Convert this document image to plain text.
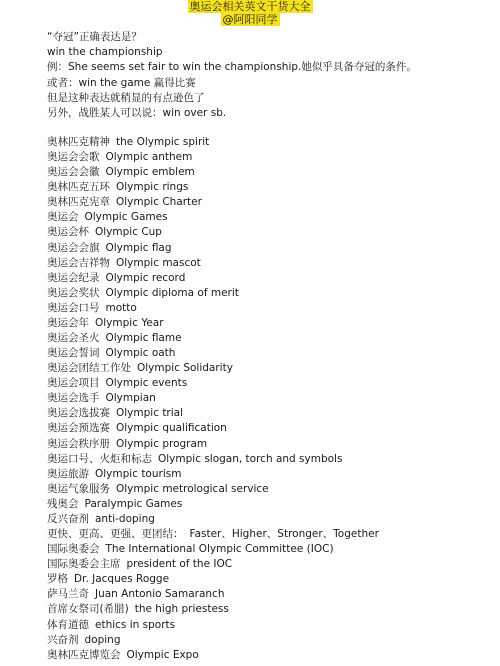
奥运会相关英文干货大全
@阿阳同学
“夺冠”正确表达是？
win the championship
例：She seems set fair to win the championship.她似乎具备夺冠的条件。
或者：win the game 赢得比赛
但是这种表达就稍显的有点逊色了
另外，战胜某人可以说：win over sb.
奥林匹克精神 the Olympic spirit
奥运会会歌 Olympic anthem
奥运会会徽 Olympic emblem
奥林匹克五环 Olympic rings
奥林匹克宪章 Olympic Charter
奥运会 Olympic Games
奥运会杯 Olympic Cup
奥运会会旗 Olympic flag
奥运会吉祥物 Olympic mascot
奥运会纪录 Olympic record
奥运会奖状 Olympic diploma of merit
奥运会口号 motto
奥运会年 Olympic Year
奥运会圣火 Olympic flame
奥运会誓词 Olympic oath
奥运会团结工作处 Olympic Solidarity
奥运会项目 Olympic events
奥运会选手 Olympian
奥运会选拔赛 Olympic trial
奥运会预选赛 Olympic qualification
奥运会秩序册 Olympic program
奥运口号、火炬和标志 Olympic slogan, torch and symbols
奥运旅游 Olympic tourism
奥运气象服务 Olympic metrological service
残奥会 Paralympic Games
反兴奋剂 anti-doping
更快、更高、更强、更团结： Faster、Higher、Stronger、Together
国际奥委会 The International Olympic Committee (IOC)
国际奥委会主席 president of the IOC
罗格 Dr. Jacques Rogge
萨马兰奇 Juan Antonio Samaranch
首席女祭司(希腊) the high priestess
体育道德 ethics in sports
兴奋剂 doping
奥林匹克博览会 Olympic Expo
